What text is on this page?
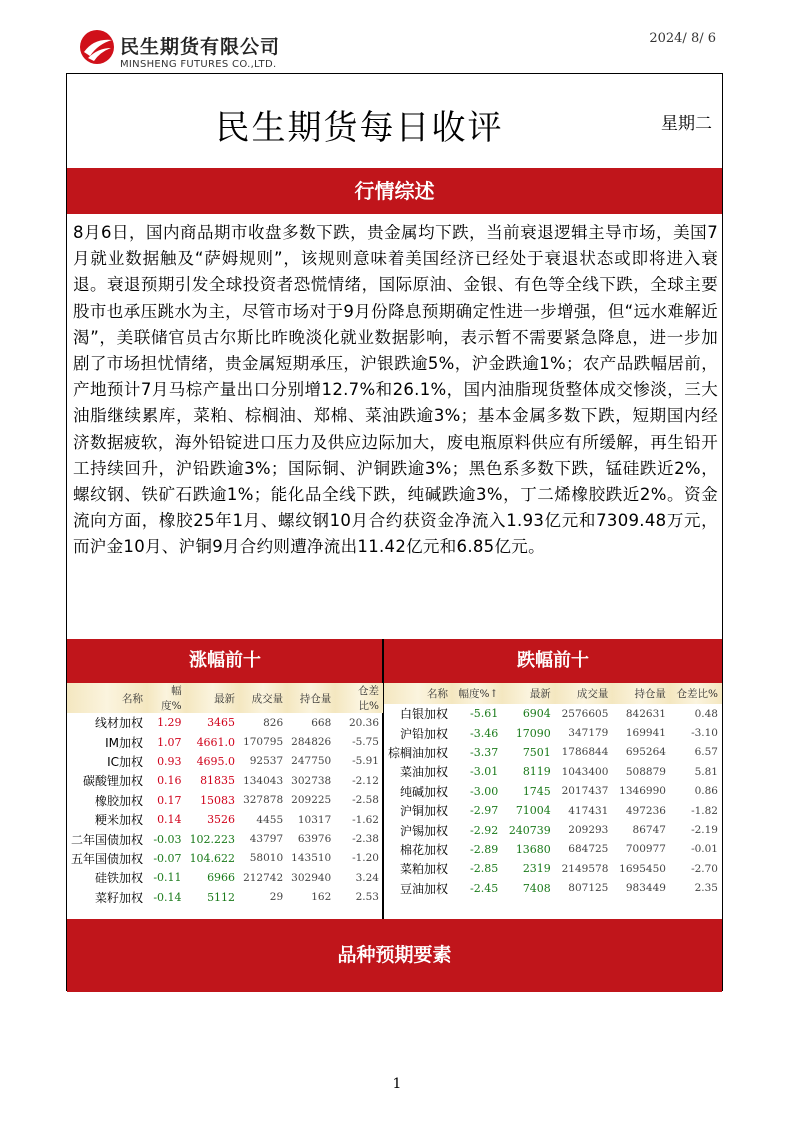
民生期货有限公司
MINSHENG FUTURES CO.,LTD.
2024/ 8/ 6
民生期货每日收评	星期二
行情综述
8月6日，国内商品期市收盘多数下跌，贵金属均下跌，当前衰退逻辑主导市场，美国7月就业数据触及“萨姆规则”，该规则意味着美国经济已经处于衰退状态或即将进入衰退。衰退预期引发全球投资者恐慌情绪，国际原油、金银、有色等全线下跌，全球主要股市也承压跳水为主，尽管市场对于9月份降息预期确定性进一步增强，但“远水难解近渴”，美联储官员古尔斯比昨晚淡化就业数据影响，表示暂不需要紧急降息，进一步加剧了市场担忧情绪，贵金属短期承压，沪银跌逾5%，沪金跌逾1%；农产品跌幅居前，产地预计7月马棕产量出口分别增12.7%和26.1%，国内油脂现货整体成交惨淡，三大油脂继续累库，菜粕、棕榈油、郑棉、菜油跌逾3%；基本金属多数下跌，短期国内经济数据疲软，海外铅锭进口压力及供应边际加大，废电瓶原料供应有所缓解，再生铅开工持续回升，沪铅跌逾3%；国际铜、沪铜跌逾3%；黑色系多数下跌，锰硅跌近2%，螺纹钢、铁矿石跌逾1%；能化品全线下跌，纯碱跌逾3%，丁二烯橡胶跌近2%。资金流向方面，橡胶25年1月、螺纹钢10月合约获资金净流入1.93亿元和7309.48万元，而沪金10月、沪铜9月合约则遭净流出11.42亿元和6.85亿元。
涨幅前十	跌幅前十
名称	幅度%	最新	成交量	持仓量	仓差比%
线材加权	1.29	3465	826	668	20.36
IM加权	1.07	4661.0	170795	284826	-5.75
IC加权	0.93	4695.0	92537	247750	-5.91
碳酸锂加权	0.16	81835	134043	302738	-2.12
橡胶加权	0.17	15083	327878	209225	-2.58
粳米加权	0.14	3526	4455	10317	-1.62
二年国债加权	-0.03	102.223	43797	63976	-2.38
五年国债加权	-0.07	104.622	58010	143510	-1.20
硅铁加权	-0.11	6966	212742	302940	3.24
菜籽加权	-0.14	5112	29	162	2.53
名称	幅度%↑	最新	成交量	持仓量	仓差比%
白银加权	-5.61	6904	2576605	842631	0.48
沪铅加权	-3.46	17090	347179	169941	-3.10
棕榈油加权	-3.37	7501	1786844	695264	6.57
菜油加权	-3.01	8119	1043400	508879	5.81
纯碱加权	-3.00	1745	2017437	1346990	0.86
沪铜加权	-2.97	71004	417431	497236	-1.82
沪锡加权	-2.92	240739	209293	86747	-2.19
棉花加权	-2.89	13680	684725	700977	-0.01
菜粕加权	-2.85	2319	2149578	1695450	-2.70
豆油加权	-2.45	7408	807125	983449	2.35
品种预期要素
1
